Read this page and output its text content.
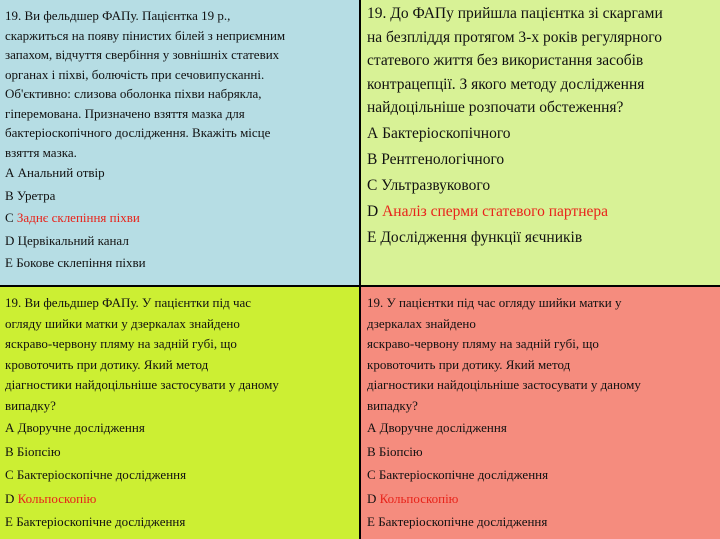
19. Ви фельдшер ФАПу. Пацієнтка 19 р.,
скаржиться на появу пінистих білей з неприємним
запахом, відчуття свербіння у зовнішніх статевих
органах і піхві, болючість при сечовипусканні.
Об'єктивно: слизова оболонка піхви набрякла,
гіперемована. Призначено взяття мазка для
бактеріоскопічного дослідження. Вкажіть місце
взяття мазка.

А Анальний отвір

В Уретра

С Заднє склепіння піхви

D Цервікальний канал

Е Бокове склепіння піхви

19. До ФАПу прийшла пацієнтка зі скаргами
на безпліддя протягом 3-х років регулярного
статевого життя без використання засобів
контрацепції. З якого методу дослідження
найдоцільніше розпочати обстеження?

А Бактеріоскопічного

В Рентгенологічного

С Ультразвукового

D Аналіз сперми статевого партнера

Е Дослідження функції яєчників

19. Ви фельдшер ФАПу. У пацієнтки під час
огляду шийки матки у дзеркалах знайдено
яскраво-червону пляму на задній губі, що
кровоточить при дотику. Який метод
діагностики найдоцільніше застосувати у даному
випадку?

А Дворучне дослідження

В Біопсію

С Бактеріоскопічне дослідження

D Кольпоскопію

Е Бактеріоскопічне дослідження

19. У пацієнтки під час огляду шийки матки у
дзеркалах знайдено
яскраво-червону пляму на задній губі, що
кровоточить при дотику. Який метод
діагностики найдоцільніше застосувати у даному
випадку?

А Дворучне дослідження

В Біопсію

С Бактеріоскопічне дослідження

D Кольпоскопію

Е Бактеріоскопічне дослідження
